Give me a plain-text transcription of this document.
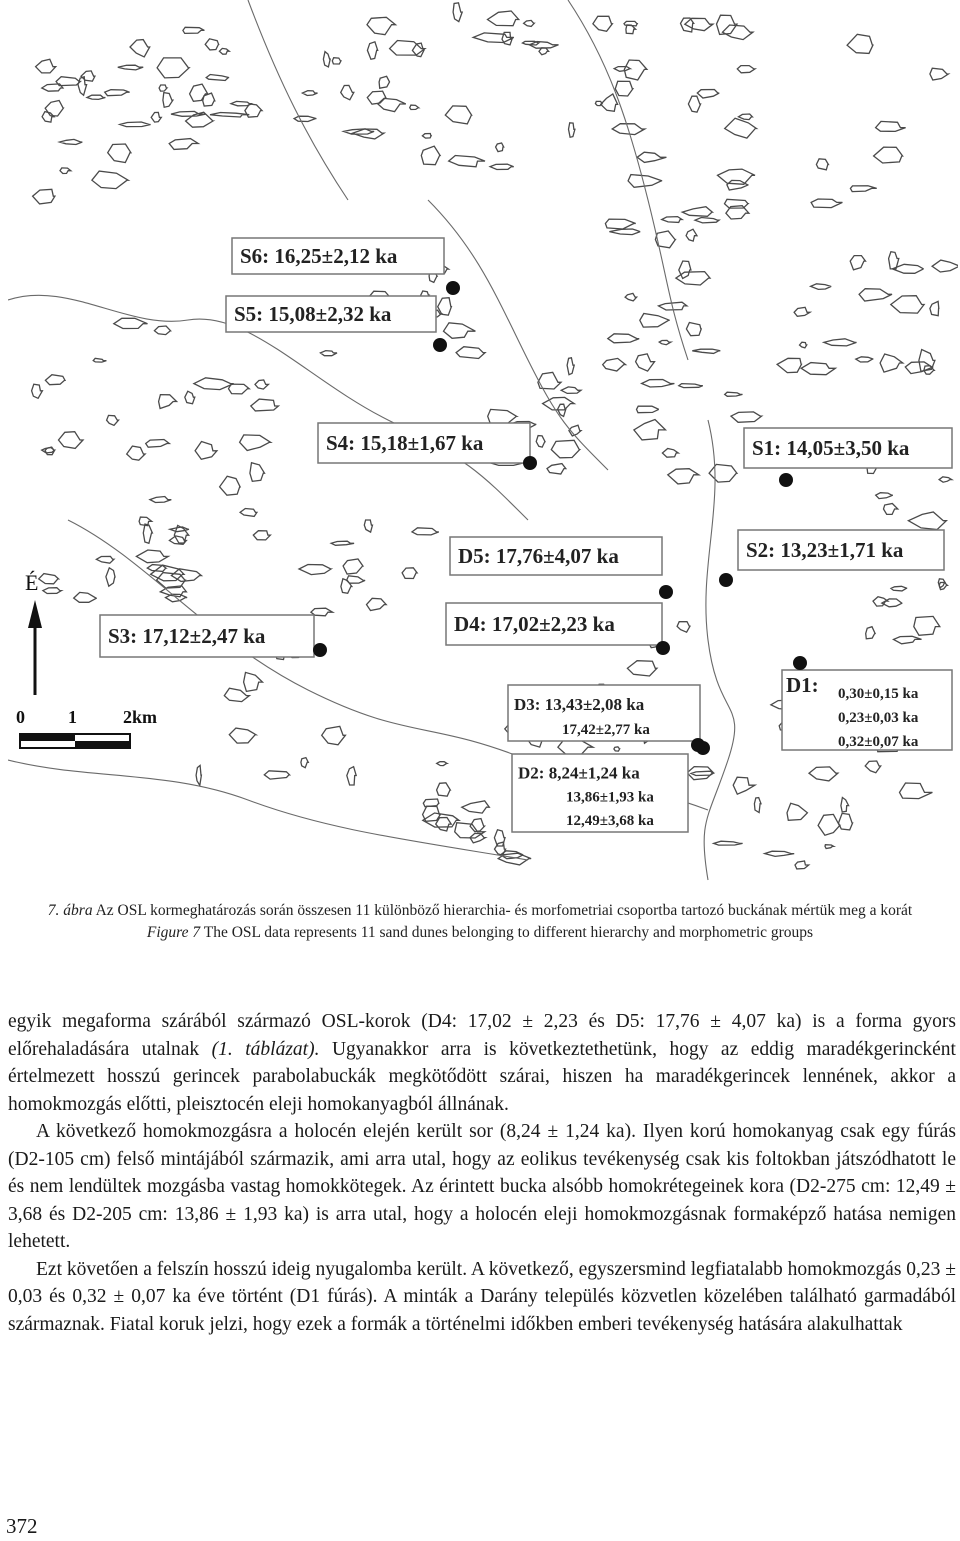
S6: 16,25±2,12 ka
S5: 15,08±2,32 ka
S4: 15,18±1,67 ka	S1: 14,05±3,50 ka
D5: 17,76±4,07 ka	S2: 13,23±1,71 ka
D4: 17,02±2,23 ka
S3: 17,12±2,47 ka
D1: 0,30±0,15 ka
0,23±0,03 ka
0,32±0,07 ka
D3: 13,43±2,08 ka
17,42±2,77 ka
D2: 8,24±1,24 ka
13,86±1,93 ka
12,49±3,68 ka
É
0 1	2km
7. ábra Az OSL kormeghatározás során összesen 11 különböző hierarchia- és morfometriai csoportba tartozó buckának mértük meg a korát
Figure 7 The OSL data represents 11 sand dunes belonging to different hierarchy and morphometric groups

egyik megaforma szárából származó OSL-korok (D4: 17,02 ± 2,23 és D5: 17,76 ± 4,07 ka) is a forma gyors előrehaladására utalnak (1. táblázat). Ugyanakkor arra is következtethetünk, hogy az eddig maradékgerincként értelmezett hosszú gerincek parabolabuckák megkötődött szárai, hiszen ha maradékgerincek lennének, akkor a homokmozgás előtti, pleisztocén eleji homokanyagból állnának.

A következő homokmozgásra a holocén elején került sor (8,24 ± 1,24 ka). Ilyen korú homokanyag csak egy fúrás (D2-105 cm) felső mintájából származik, ami arra utal, hogy az eolikus tevékenység csak kis foltokban játszódhatott le és nem lendültek mozgásba vastag homokkötegek. Az érintett bucka alsóbb homokrétegeinek kora (D2-275 cm: 12,49 ± 3,68 és D2-205 cm: 13,86 ± 1,93 ka) is arra utal, hogy a holocén eleji homokmozgásnak formaképző hatása nemigen lehetett.

Ezt követően a felszín hosszú ideig nyugalomba került. A következő, egyszersmind legfiatalabb homokmozgás 0,23 ± 0,03 és 0,32 ± 0,07 ka éve történt (D1 fúrás). A minták a Darány település közvetlen közelében található garmadából származnak. Fiatal koruk jelzi, hogy ezek a formák a történelmi időkben emberi tevékenység hatására alakulhattak

372
